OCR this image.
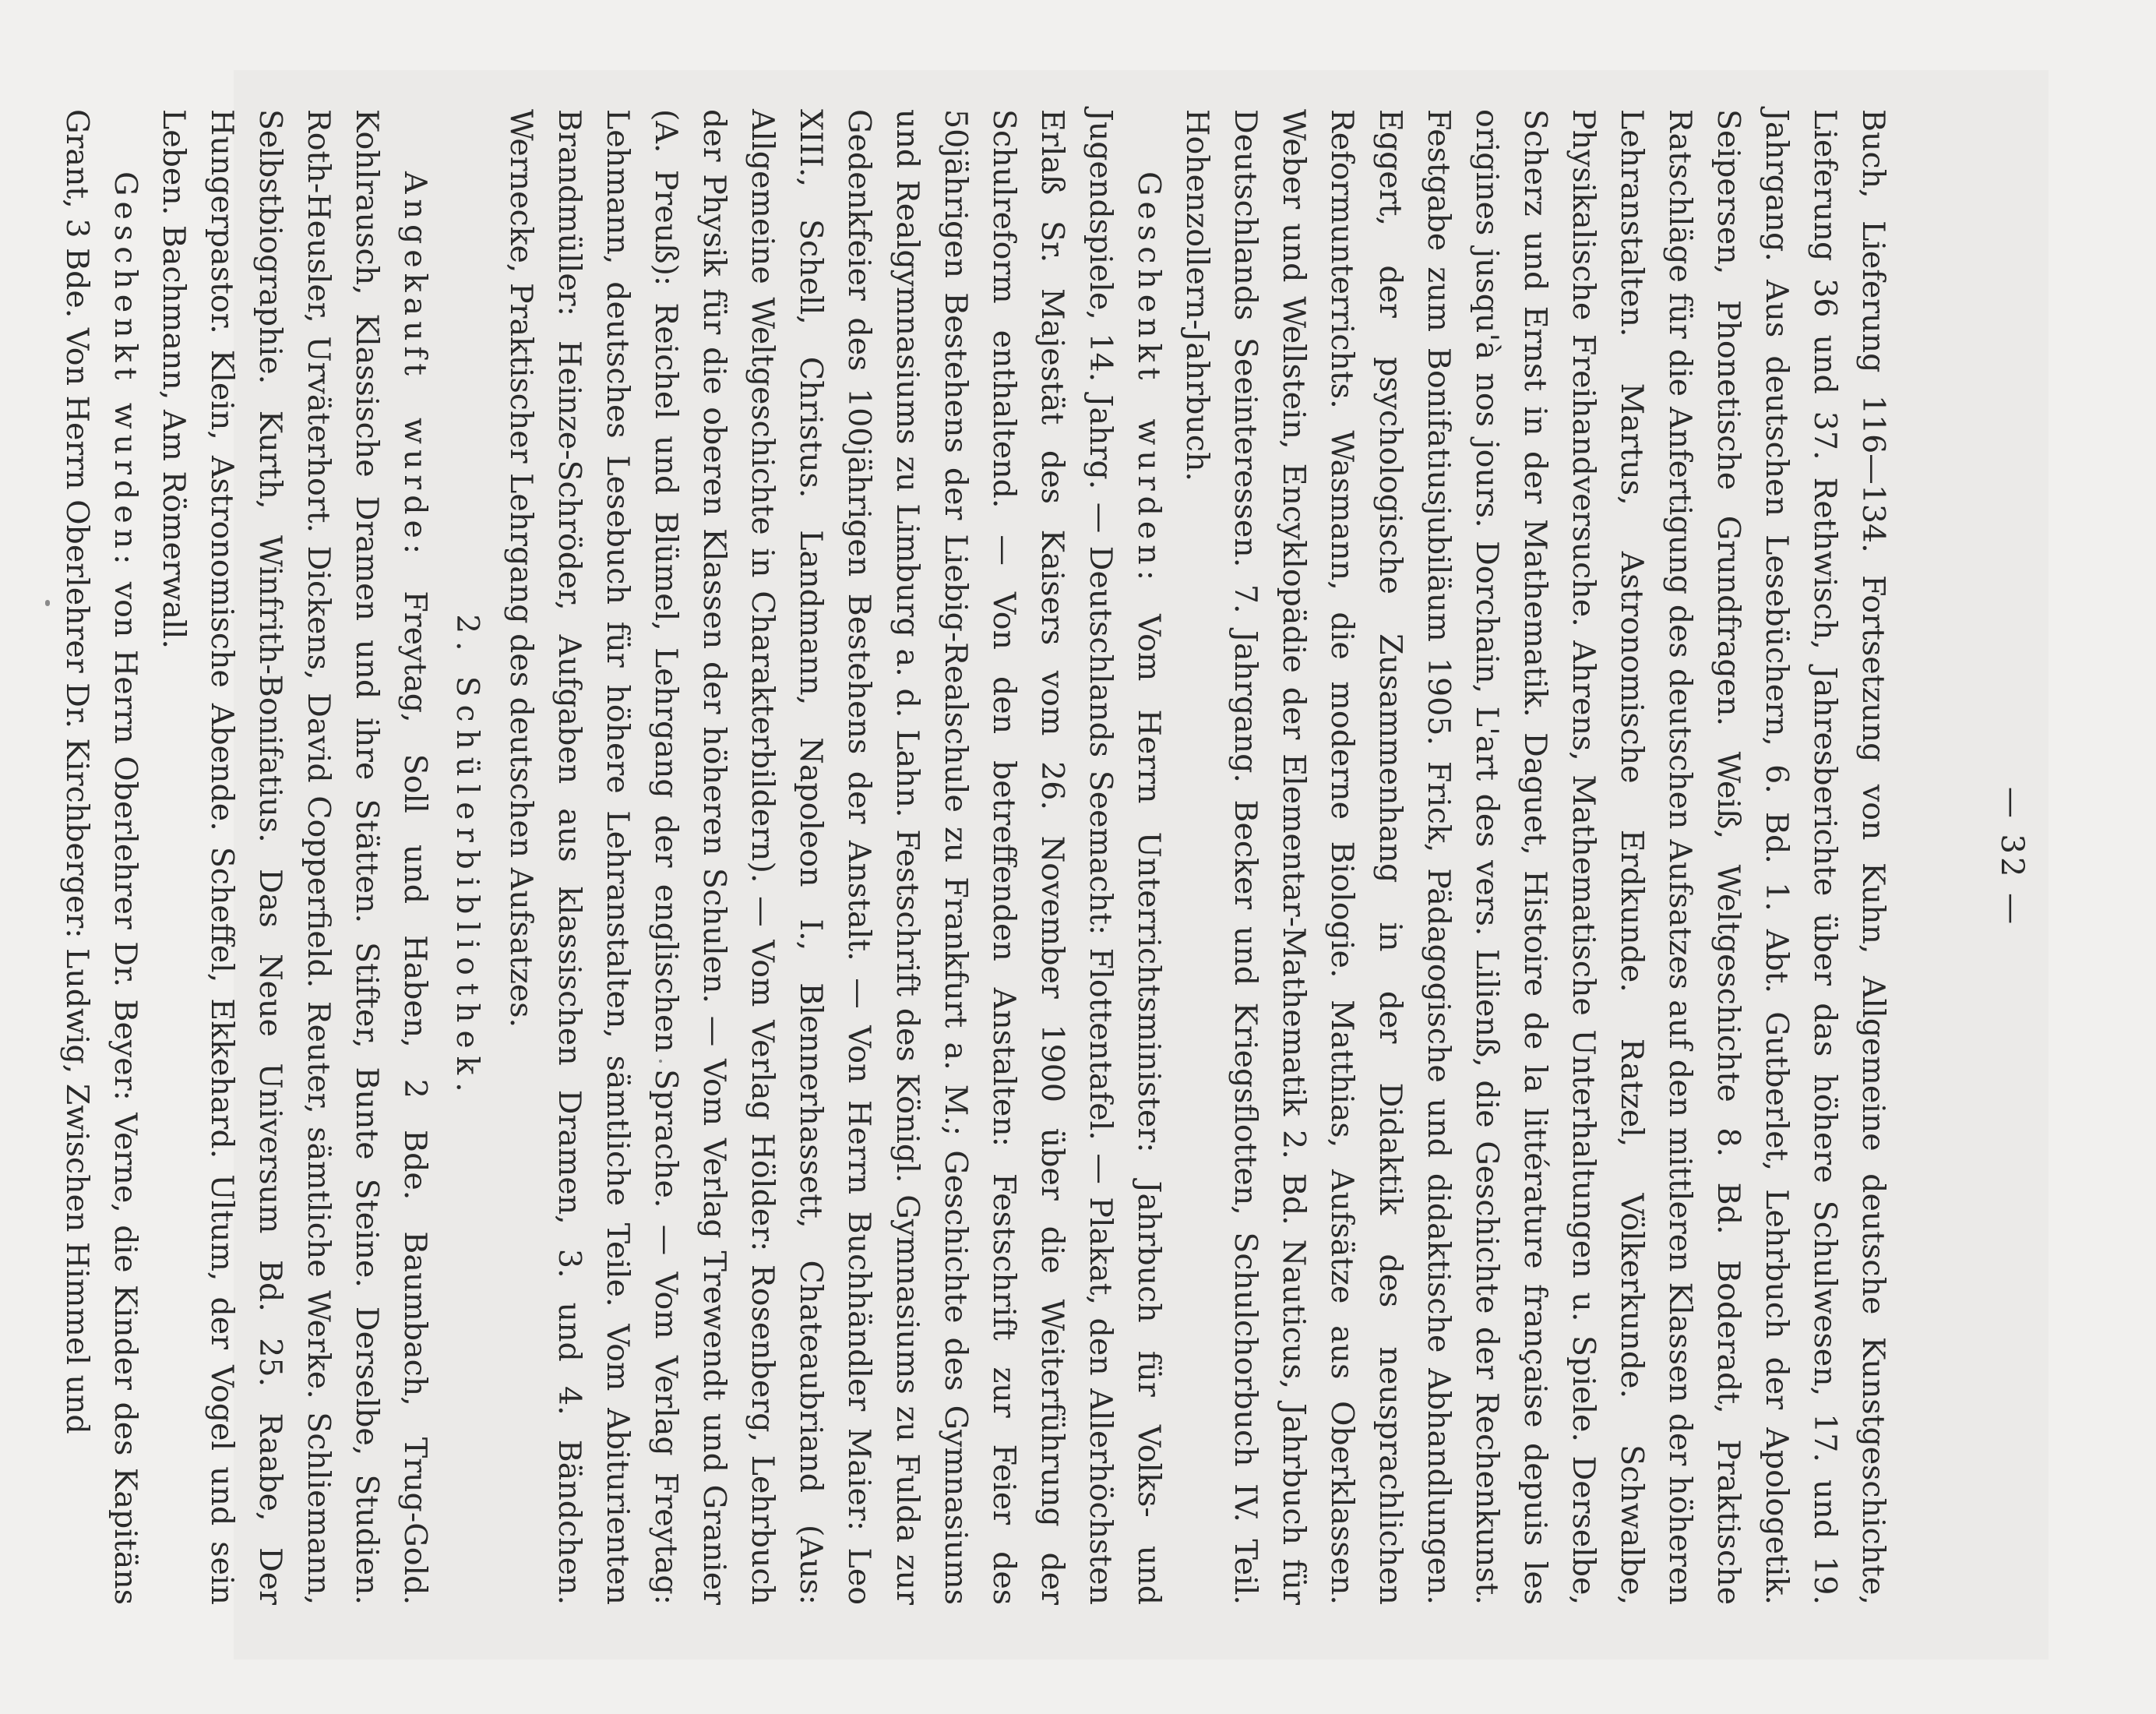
— 32 —

Buch, Lieferung 116—134. Fortsetzung von Kuhn, Allgemeine deutsche Kunstgeschichte, Lieferung 36 und 37. Rethwisch, Jahresberichte über das höhere Schulwesen, 17. und 19. Jahrgang. Aus deutschen Lesebüchern, 6. Bd. 1. Abt. Gutberlet, Lehrbuch der Apologetik. Seipersen, Phonetische Grundfragen. Weiß, Weltgeschichte 8. Bd. Boderadt, Praktische Ratschläge für die Anfertigung des deutschen Aufsatzes auf den mittleren Klassen der höheren Lehranstalten. Martus, Astronomische Erdkunde. Ratzel, Völkerkunde. Schwalbe, Physikalische Freihandversuche. Ahrens, Mathematische Unterhaltungen u. Spiele. Derselbe, Scherz und Ernst in der Mathematik. Daguet, Histoire de la littérature française depuis les origines jusqu'à nos jours. Dorchain, L'art des vers. Lilienß, die Geschichte der Rechenkunst. Festgabe zum Bonifatiusjubiläum 1905. Frick, Pädagogische und didaktische Abhandlungen. Eggert, der psychologische Zusammenhang in der Didaktik des neusprachlichen Reformunterrichts. Wasmann, die moderne Biologie. Matthias, Aufsätze aus Oberklassen. Weber und Wellstein, Encyklopädie der Elementar-Mathematik 2. Bd. Nauticus, Jahrbuch für Deutschlands Seeinteressen. 7. Jahrgang. Becker und Kriegsflotten, Schulchorbuch IV. Teil. Hohenzollern-Jahrbuch.

Geschenkt wurden: Vom Herrn Unterrichtsminister: Jahrbuch für Volks- und Jugendspiele, 14. Jahrg. — Deutschlands Seemacht: Flottentafel. — Plakat, den Allerhöchsten Erlaß Sr. Majestät des Kaisers vom 26. November 1900 über die Weiterführung der Schulreform enthaltend. — Von den betreffenden Anstalten: Festschrift zur Feier des 50jährigen Bestehens der Liebig-Realschule zu Frankfurt a. M.; Geschichte des Gymnasiums und Realgymnasiums zu Limburg a. d. Lahn. Festschrift des Königl. Gymnasiums zu Fulda zur Gedenkfeier des 100jährigen Bestehens der Anstalt. — Von Herrn Buchhändler Maier: Leo XIII., Schell, Christus. Landmann, Napoleon I., Blennerhassett, Chateaubriand (Aus: Allgemeine Weltgeschichte in Charakterbildern). — Vom Verlag Hölder: Rosenberg, Lehrbuch der Physik für die oberen Klassen der höheren Schulen. — Vom Verlag Trewendt und Granier (A. Preuß): Reichel und Blümel, Lehrgang der englischen Sprache. — Vom Verlag Freytag: Lehmann, deutsches Lesebuch für höhere Lehranstalten, sämtliche Teile. Vom Abiturienten Brandmüller: Heinze-Schröder, Aufgaben aus klassischen Dramen, 3. und 4. Bändchen. Wernecke, Praktischer Lehrgang des deutschen Aufsatzes.

2. Schülerbibliothek.

Angekauft wurde: Freytag, Soll und Haben, 2 Bde. Baumbach, Trug-Gold. Kohlrausch, Klassische Dramen und ihre Stätten. Stifter, Bunte Steine. Derselbe, Studien. Roth-Heusler, Urväterhort. Dickens, David Copperfield. Reuter, sämtliche Werke. Schliemann, Selbstbiographie. Kurth, Winfrith-Bonifatius. Das Neue Universum Bd. 25. Raabe, Der Hungerpastor. Klein, Astronomische Abende. Scheffel, Ekkehard. Ultum, der Vogel und sein Leben. Bachmann, Am Römerwall.

Geschenkt wurden: von Herrn Oberlehrer Dr. Beyer: Verne, die Kinder des Kapitäns Grant, 3 Bde. Von Herrn Oberlehrer Dr. Kirchberger: Ludwig, Zwischen Himmel und
